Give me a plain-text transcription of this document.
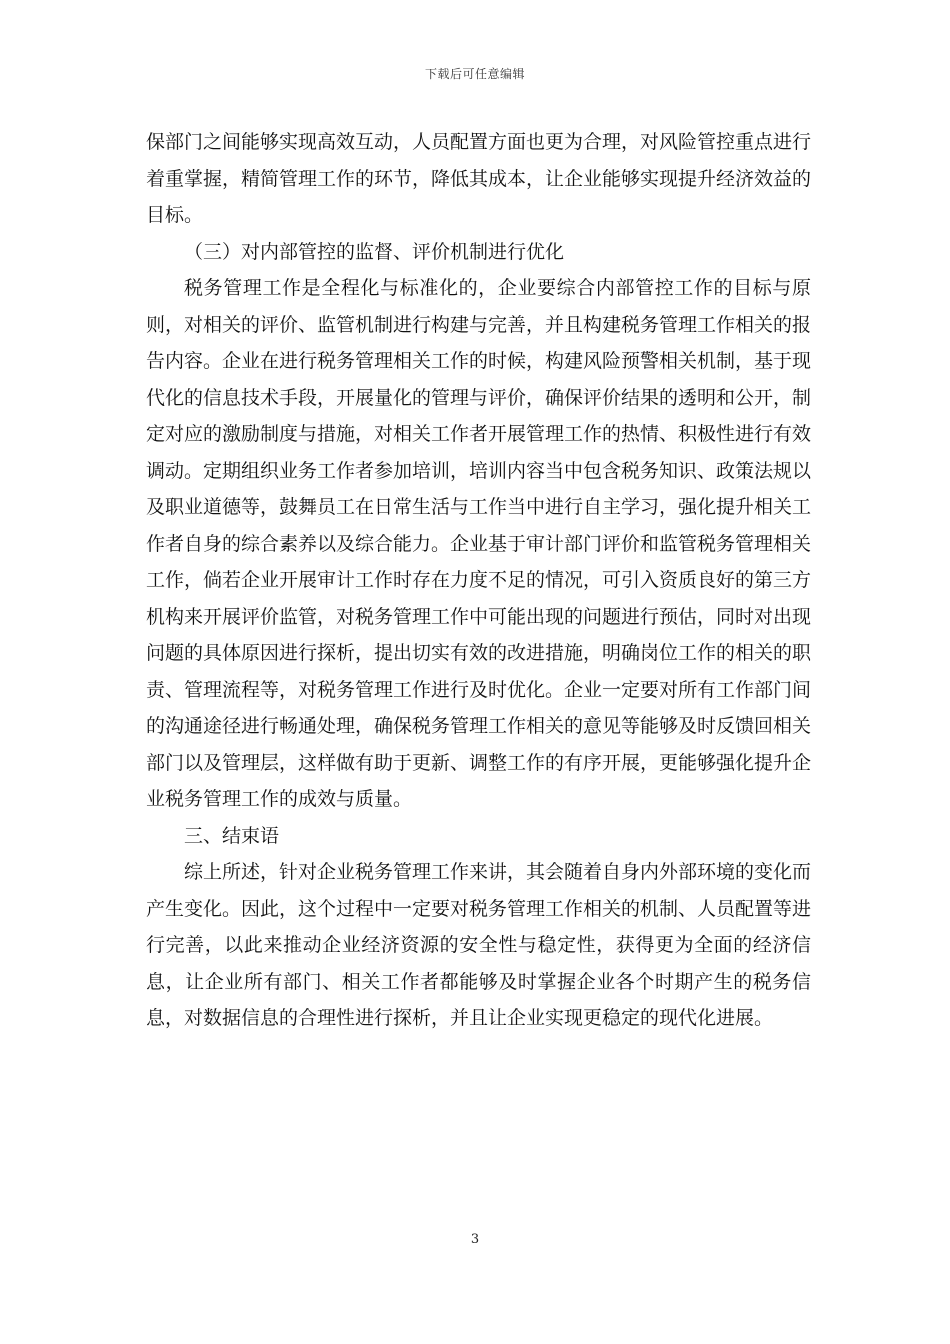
下载后可任意编辑

保部门之间能够实现高效互动，人员配置方面也更为合理，对风险管控重点进行着重掌握，精简管理工作的环节，降低其成本，让企业能够实现提升经济效益的目标。

（三）对内部管控的监督、评价机制进行优化

税务管理工作是全程化与标准化的，企业要综合内部管控工作的目标与原则，对相关的评价、监管机制进行构建与完善，并且构建税务管理工作相关的报告内容。企业在进行税务管理相关工作的时候，构建风险预警相关机制，基于现代化的信息技术手段，开展量化的管理与评价，确保评价结果的透明和公开，制定对应的激励制度与措施，对相关工作者开展管理工作的热情、积极性进行有效调动。定期组织业务工作者参加培训，培训内容当中包含税务知识、政策法规以及职业道德等，鼓舞员工在日常生活与工作当中进行自主学习，强化提升相关工作者自身的综合素养以及综合能力。企业基于审计部门评价和监管税务管理相关工作，倘若企业开展审计工作时存在力度不足的情况，可引入资质良好的第三方机构来开展评价监管，对税务管理工作中可能出现的问题进行预估，同时对出现问题的具体原因进行探析，提出切实有效的改进措施，明确岗位工作的相关的职责、管理流程等，对税务管理工作进行及时优化。企业一定要对所有工作部门间的沟通途径进行畅通处理，确保税务管理工作相关的意见等能够及时反馈回相关部门以及管理层，这样做有助于更新、调整工作的有序开展，更能够强化提升企业税务管理工作的成效与质量。

三、结束语

综上所述，针对企业税务管理工作来讲，其会随着自身内外部环境的变化而产生变化。因此，这个过程中一定要对税务管理工作相关的机制、人员配置等进行完善，以此来推动企业经济资源的安全性与稳定性，获得更为全面的经济信息，让企业所有部门、相关工作者都能够及时掌握企业各个时期产生的税务信息，对数据信息的合理性进行探析，并且让企业实现更稳定的现代化进展。

3
